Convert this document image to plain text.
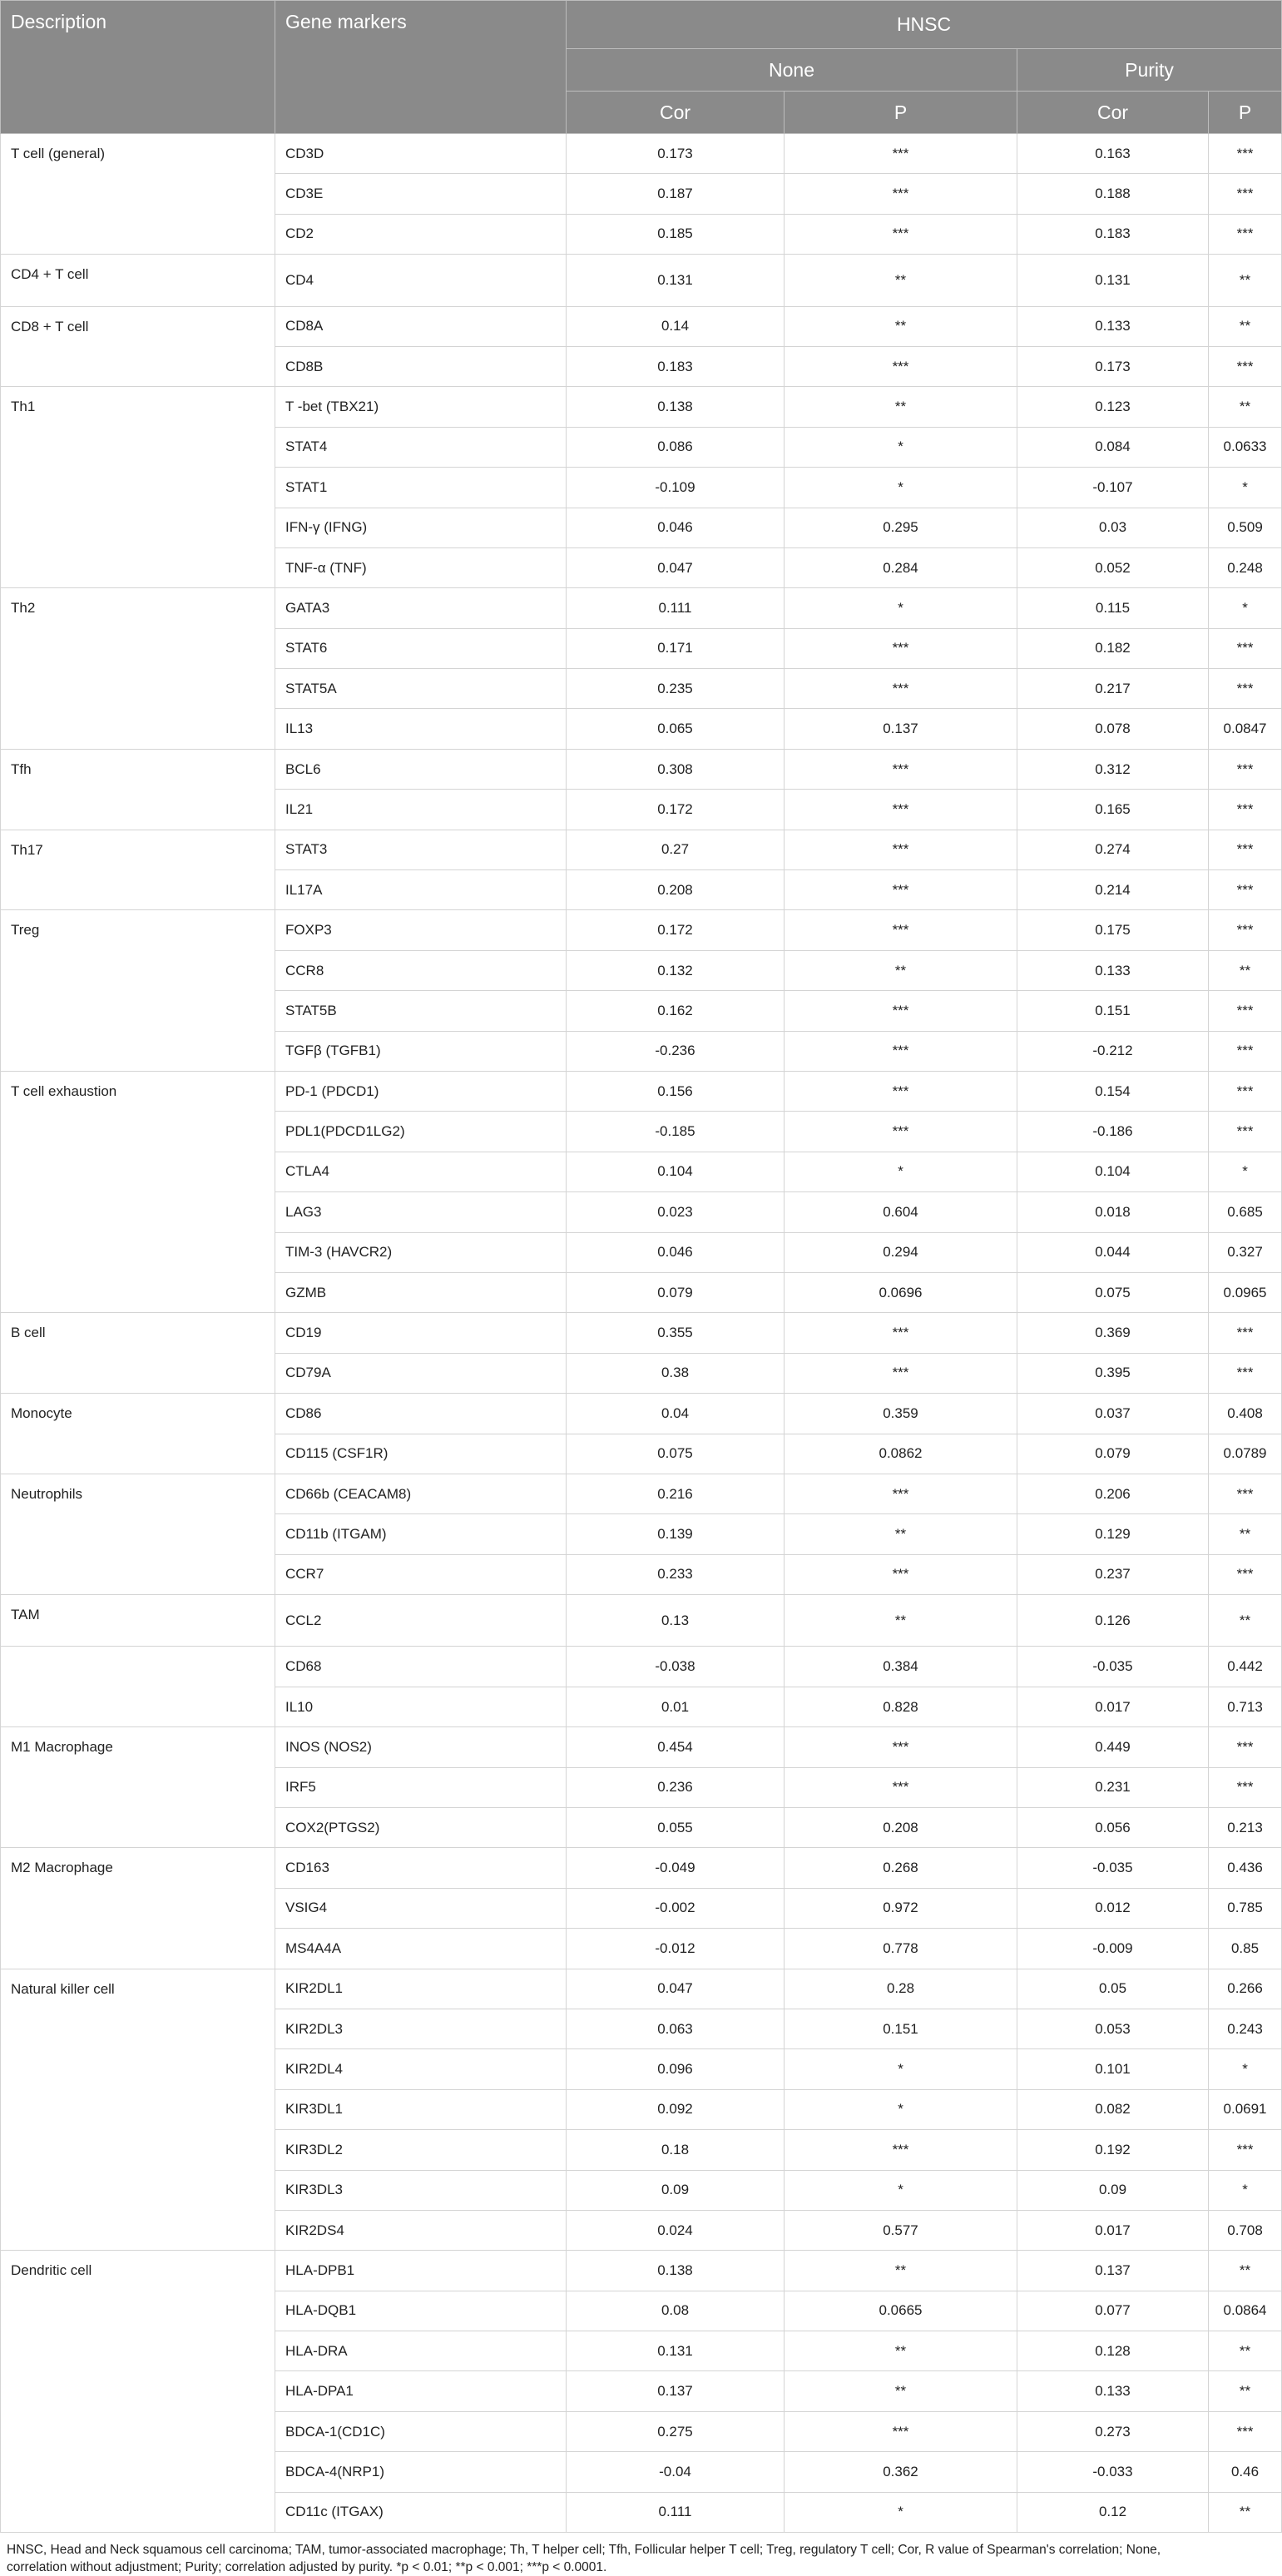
Description	Gene markers	HNSC			
		None		Purity	
		Cor	P	Cor	P
T cell (general)	CD3D	0.173	***	0.163	***
	CD3E	0.187	***	0.188	***
	CD2	0.185	***	0.183	***
CD4 + T cell	CD4	0.131	**	0.131	**
CD8 + T cell	CD8A	0.14	**	0.133	**
	CD8B	0.183	***	0.173	***
Th1	T -bet (TBX21)	0.138	**	0.123	**
	STAT4	0.086	*	0.084	0.0633
	STAT1	-0.109	*	-0.107	*
	IFN-γ (IFNG)	0.046	0.295	0.03	0.509
	TNF-α (TNF)	0.047	0.284	0.052	0.248
Th2	GATA3	0.111	*	0.115	*
	STAT6	0.171	***	0.182	***
	STAT5A	0.235	***	0.217	***
	IL13	0.065	0.137	0.078	0.0847
Tfh	BCL6	0.308	***	0.312	***
	IL21	0.172	***	0.165	***
Th17	STAT3	0.27	***	0.274	***
	IL17A	0.208	***	0.214	***
Treg	FOXP3	0.172	***	0.175	***
	CCR8	0.132	**	0.133	**
	STAT5B	0.162	***	0.151	***
	TGFβ (TGFB1)	-0.236	***	-0.212	***
T cell exhaustion	PD-1 (PDCD1)	0.156	***	0.154	***
	PDL1(PDCD1LG2)	-0.185	***	-0.186	***
	CTLA4	0.104	*	0.104	*
	LAG3	0.023	0.604	0.018	0.685
	TIM-3 (HAVCR2)	0.046	0.294	0.044	0.327
	GZMB	0.079	0.0696	0.075	0.0965
B cell	CD19	0.355	***	0.369	***
	CD79A	0.38	***	0.395	***
Monocyte	CD86	0.04	0.359	0.037	0.408
	CD115 (CSF1R)	0.075	0.0862	0.079	0.0789
Neutrophils	CD66b (CEACAM8)	0.216	***	0.206	***
	CD11b (ITGAM)	0.139	**	0.129	**
	CCR7	0.233	***	0.237	***
TAM	CCL2	0.13	**	0.126	**
	CD68	-0.038	0.384	-0.035	0.442
	IL10	0.01	0.828	0.017	0.713
M1 Macrophage	INOS (NOS2)	0.454	***	0.449	***
	IRF5	0.236	***	0.231	***
	COX2(PTGS2)	0.055	0.208	0.056	0.213
M2 Macrophage	CD163	-0.049	0.268	-0.035	0.436
	VSIG4	-0.002	0.972	0.012	0.785
	MS4A4A	-0.012	0.778	-0.009	0.85
Natural killer cell	KIR2DL1	0.047	0.28	0.05	0.266
	KIR2DL3	0.063	0.151	0.053	0.243
	KIR2DL4	0.096	*	0.101	*
	KIR3DL1	0.092	*	0.082	0.0691
	KIR3DL2	0.18	***	0.192	***
	KIR3DL3	0.09	*	0.09	*
	KIR2DS4	0.024	0.577	0.017	0.708
Dendritic cell	HLA-DPB1	0.138	**	0.137	**
	HLA-DQB1	0.08	0.0665	0.077	0.0864
	HLA-DRA	0.131	**	0.128	**
	HLA-DPA1	0.137	**	0.133	**
	BDCA-1(CD1C)	0.275	***	0.273	***
	BDCA-4(NRP1)	-0.04	0.362	-0.033	0.46
	CD11c (ITGAX)	0.111	*	0.12	**
HNSC, Head and Neck squamous cell carcinoma; TAM, tumor-associated macrophage; Th, T helper cell; Tfh, Follicular helper T cell; Treg, regulatory T cell; Cor, R value of Spearman's correlation; None, correlation without adjustment; Purity; correlation adjusted by purity. *p < 0.01; **p < 0.001; ***p < 0.0001.
